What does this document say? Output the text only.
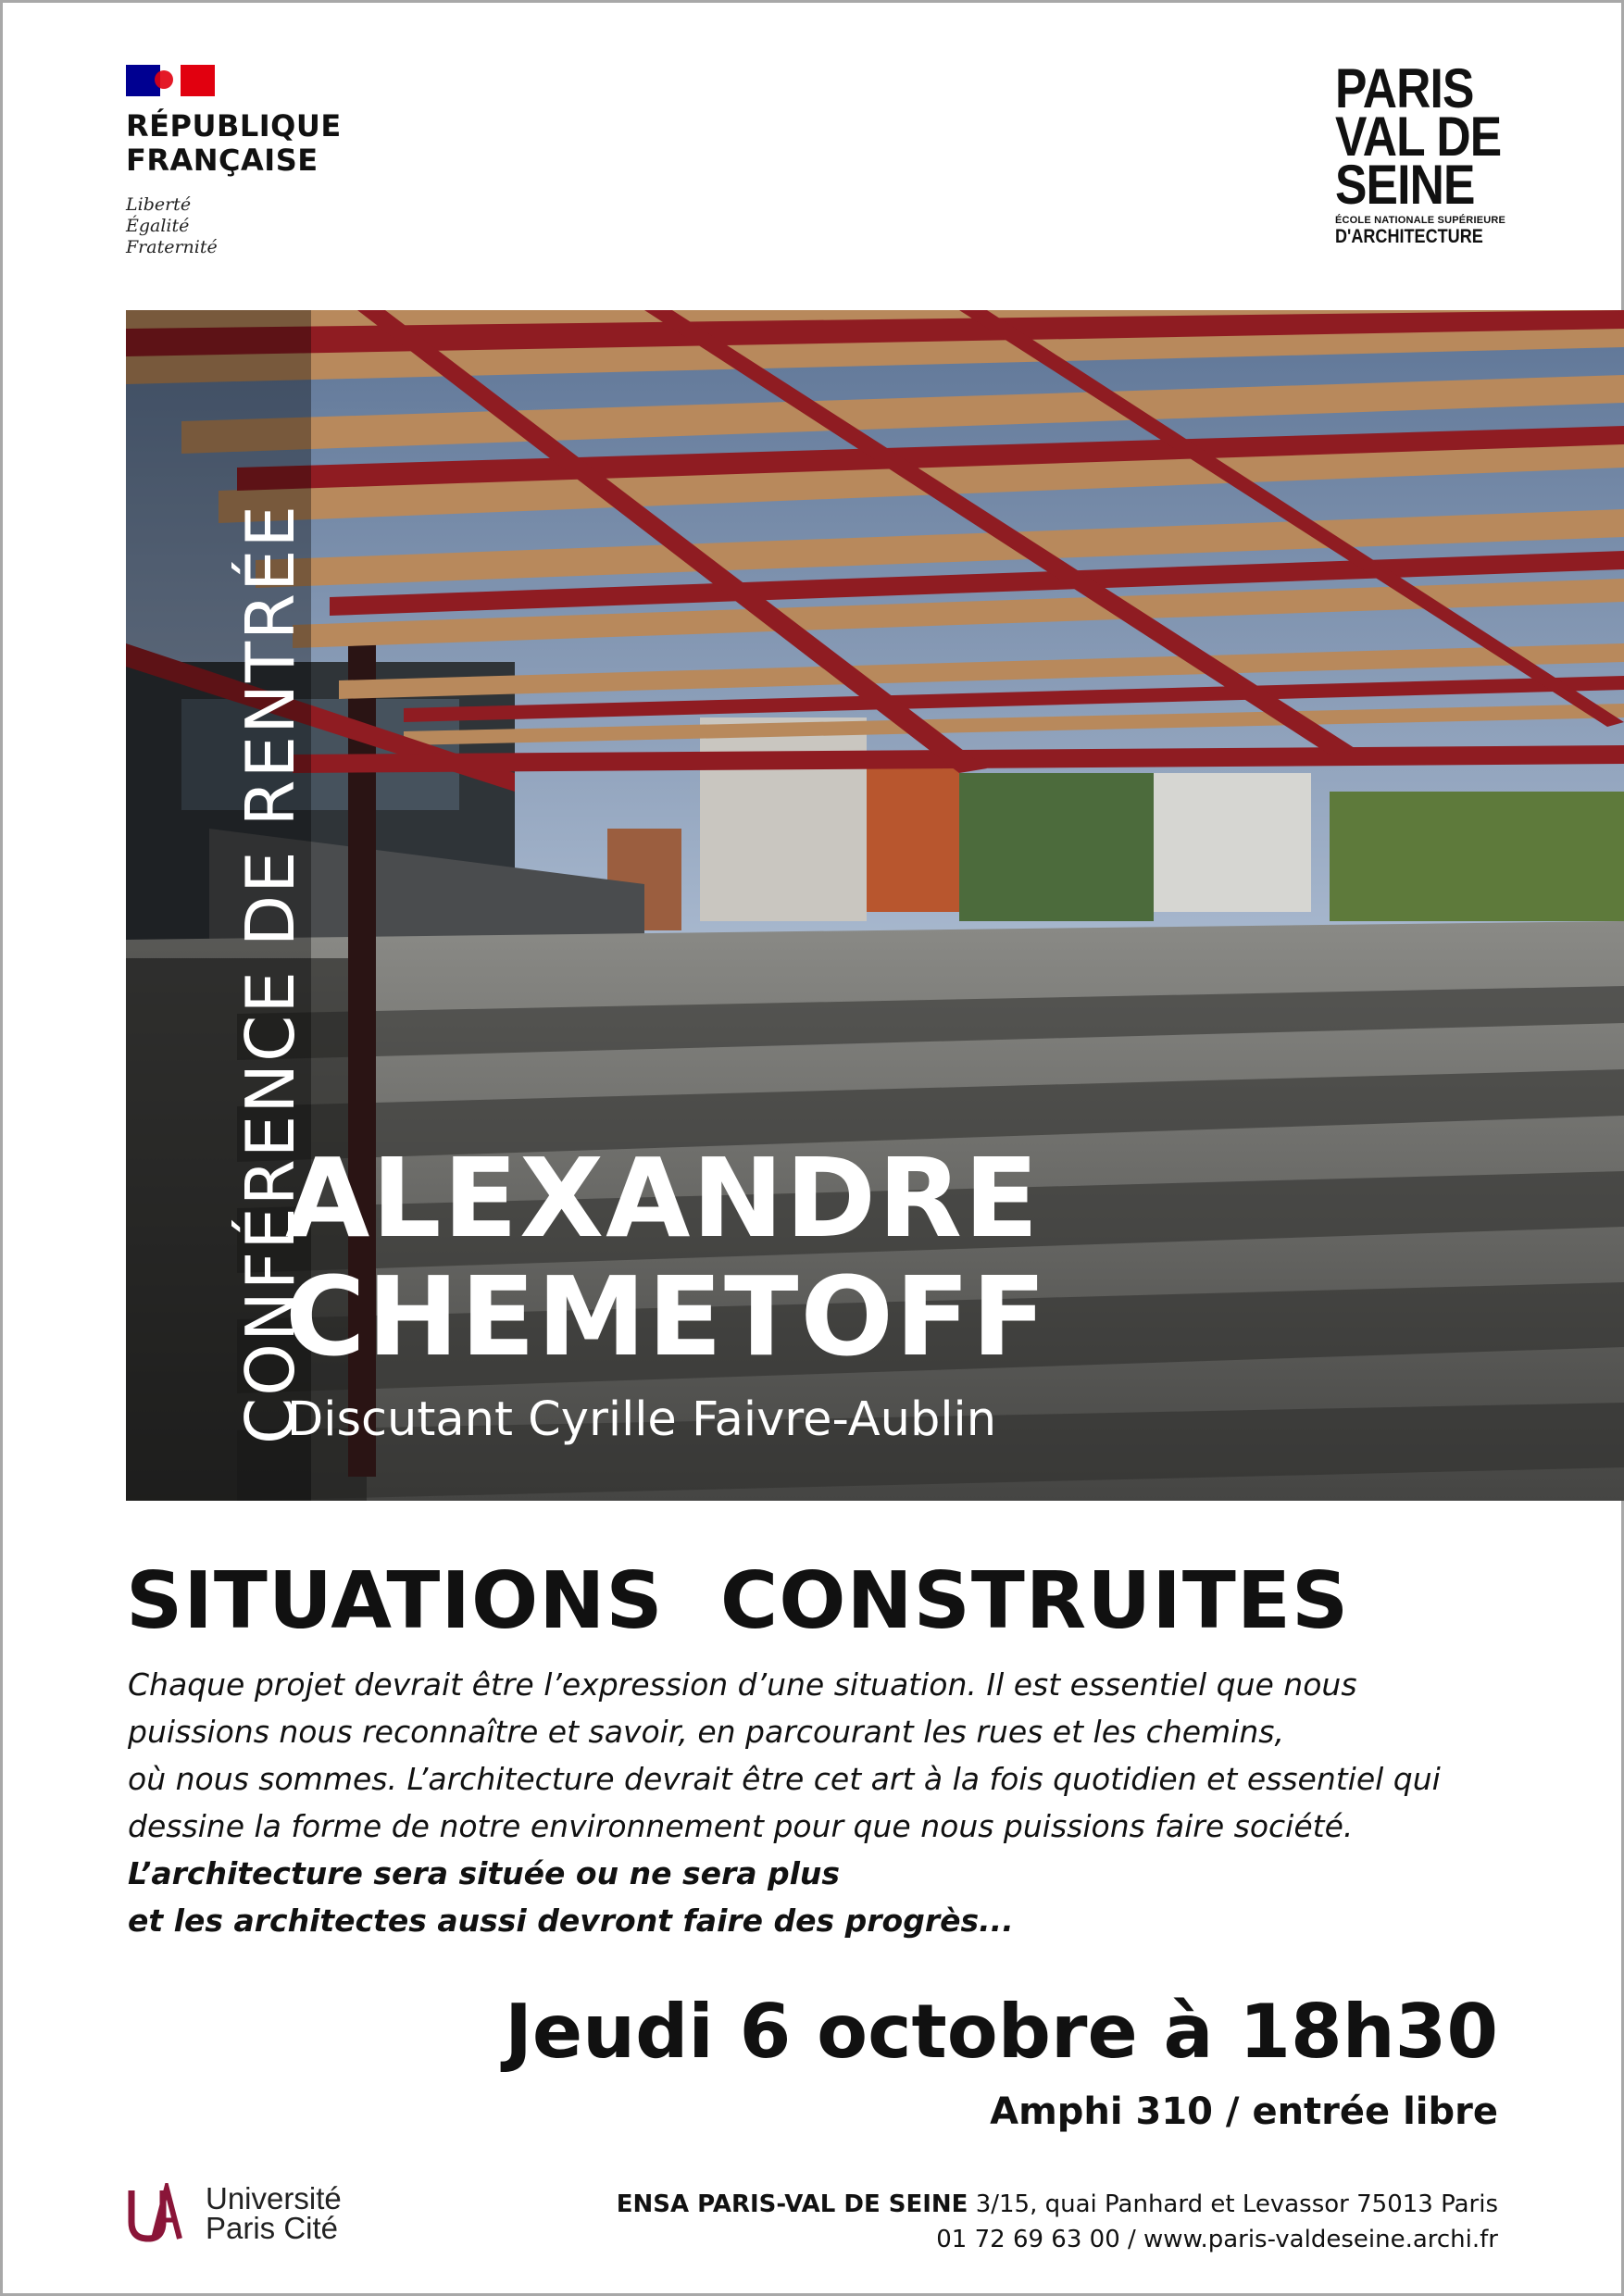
RÉPUBLIQUE
FRANÇAISE
Liberté
Égalité
Fraternité
PARIS
VAL DE
SEINE
ÉCOLE NATIONALE SUPÉRIEURE
D'ARCHITECTURE
CONFÉRENCE DE RENTRÉE
ALEXANDRE
CHEMETOFF
Discutant Cyrille Faivre-Aublin
SITUATIONS  CONSTRUITES

Chaque projet devrait être l’expression d’une situation. Il est essentiel que nous

puissions nous reconnaître et savoir, en parcourant les rues et les chemins,

où nous sommes. L’architecture devrait être cet art à la fois quotidien et essentiel qui

dessine la forme de notre environnement pour que nous puissions faire société.

L’architecture sera située ou ne sera plus

et les architectes aussi devront faire des progrès...

Jeudi 6 octobre à 18h30
Amphi 310 / entrée libre
Université
Paris Cité
ENSA PARIS-VAL DE SEINE 3/15, quai Panhard et Levassor 75013 Paris
01 72 69 63 00 / www.paris-valdeseine.archi.fr
